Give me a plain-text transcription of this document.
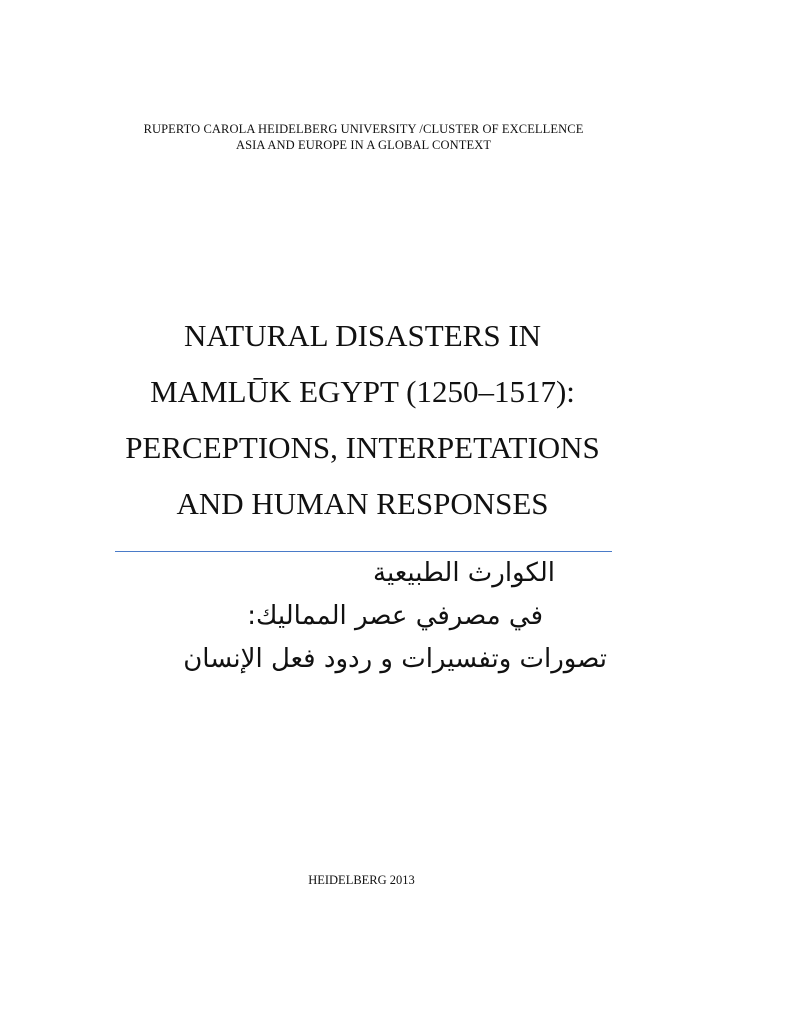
RUPERTO CAROLA HEIDELBERG UNIVERSITY /CLUSTER OF EXCELLENCE
ASIA AND EUROPE IN A GLOBAL CONTEXT
NATURAL DISASTERS IN
MAMLŪK EGYPT (1250–1517):
PERCEPTIONS, INTERPETATIONS
AND HUMAN RESPONSES
الكوارث الطبيعية
في مصرفي عصر المماليك:
تصورات وتفسيرات و ردود فعل الإنسان
HEIDELBERG 2013
